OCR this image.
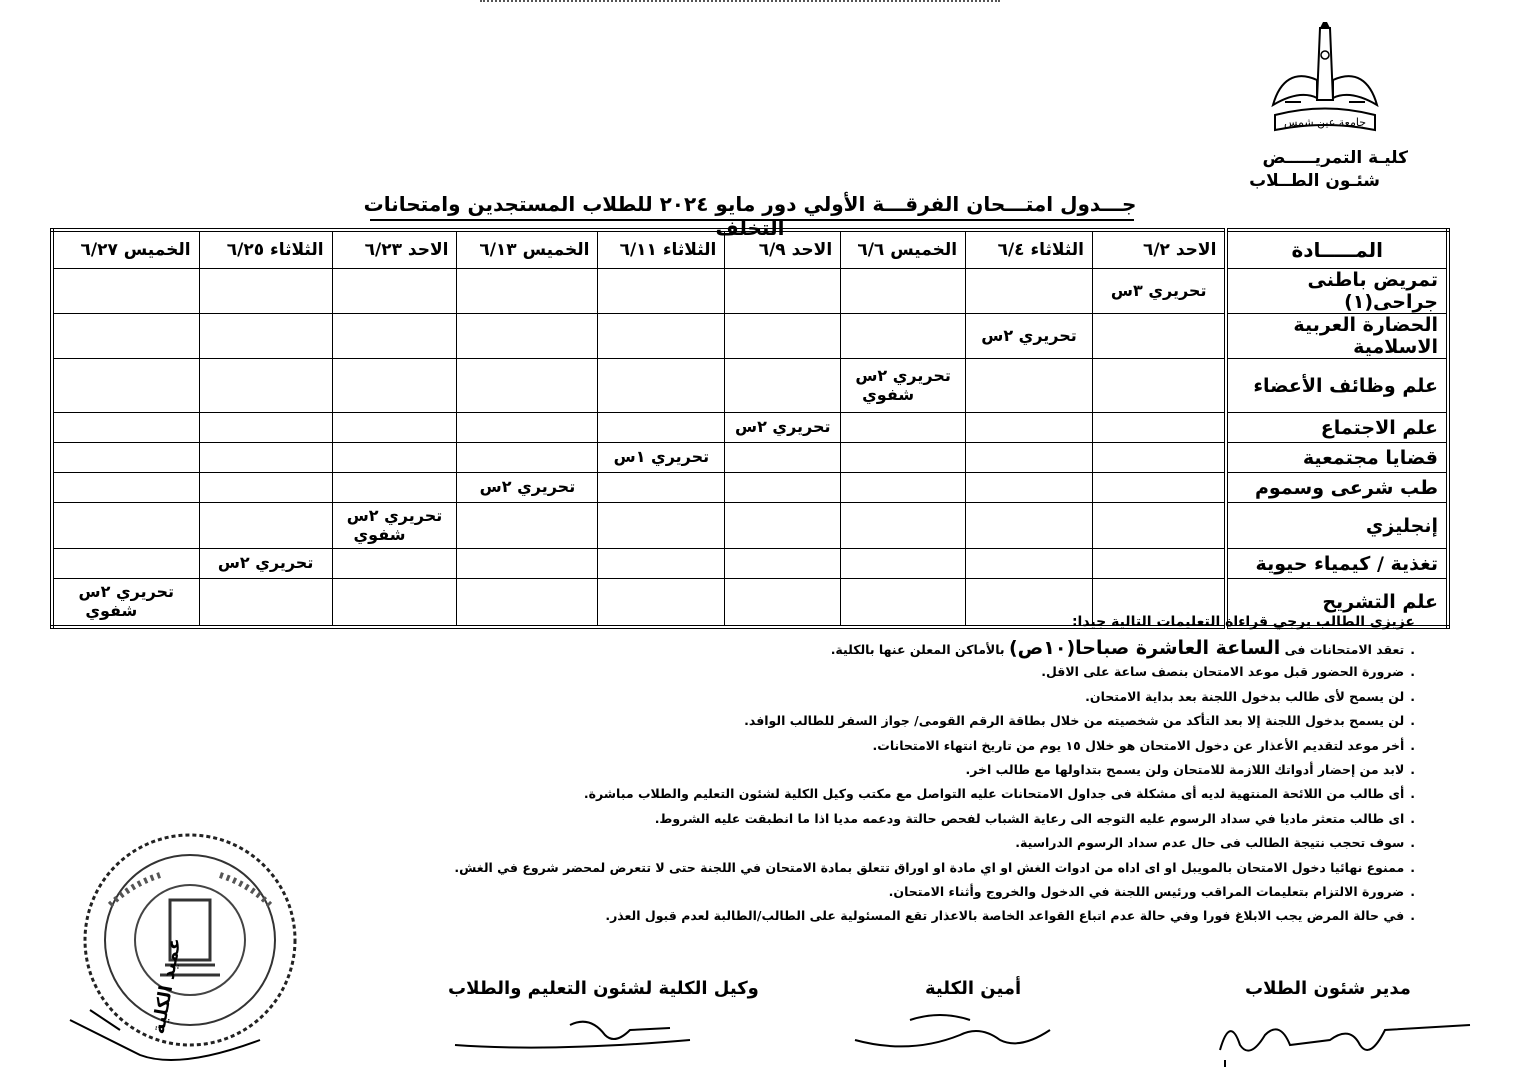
جامعة عين شمس
كليـة التمريـــــض
شئـون الطــلاب
جـــدول امتـــحان الفرقـــة الأولي دور مايو ٢٠٢٤ للطلاب المستجدين وامتحانات التخلف
المـــــادة	الاحد ٦/٢	الثلاثاء ٦/٤	الخميس ٦/٦	الاحد ٦/٩	الثلاثاء ٦/١١	الخميس ٦/١٣	الاحد ٦/٢٣	الثلاثاء ٦/٢٥	الخميس ٦/٢٧
تمريض باطنى جراحى(١)	تحريري ٣س								

الحضارة العربية الاسلامية		تحريري ٢س							

علم وظائف الأعضاء			تحريري ٢س
شفوي						

علم الاجتماع				تحريري ٢س					

قضايا مجتمعية					تحريري ١س				

طب شرعى وسموم						تحريري ٢س			

إنجليزي							تحريري ٢س
شفوي		

تغذية / كيمياء حيوية								تحريري ٢س	

علم التشريح									تحريري ٢س
شفوي
عزيزى الطالب يرجي قراءاة التعليمات التالية جيدا:
.تعقد الامتحانات فى الساعة العاشرة صباحا(١٠ص) بالأماكن المعلن عنها بالكلية.
.ضرورة الحضور قبل موعد الامتحان بنصف ساعة على الاقل.
.لن يسمح لأى طالب بدخول اللجنة بعد بداية الامتحان.
.لن يسمح بدخول اللجنة إلا بعد التأكد من شخصيته من خلال بطاقة الرقم القومى/ جواز السفر للطالب الوافد.
.أخر موعد لتقديم الأعذار عن دخول الامتحان هو خلال ١٥ يوم من تاريخ انتهاء الامتحانات.
.لابد من إحضار أدواتك اللازمة للامتحان ولن يسمح بتداولها مع طالب اخر.
.أى طالب من اللائحة المنتهية لديه أى مشكلة فى جداول الامتحانات عليه التواصل مع مكتب وكيل الكلية لشئون التعليم والطلاب مباشرة.
.اى طالب متعثر ماديا في سداد الرسوم عليه التوجه الى رعاية الشباب لفحص حالتة ودعمه مديا اذا ما انطبقت عليه الشروط.
.سوف تحجب نتيجة الطالب فى حال عدم سداد الرسوم الدراسية.
.ممنوع نهائيا دخول الامتحان بالمويبل او اى اداه من ادوات الغش او اي مادة او اوراق تتعلق بمادة الامتحان في اللجنة حتى لا تتعرض لمحضر شروع في الغش.
.ضرورة الالتزام بتعليمات المراقب ورئيس اللجنة في الدخول والخروج وأثناء الامتحان.
.في حالة المرض يجب الابلاغ فورا وفي حالة عدم اتباع القواعد الخاصة بالاعذار تقع المسئولية على الطالب/الطالبة لعدم قبول العذر.
مدير شئون الطلاب
أمين الكلية
وكيل الكلية لشئون التعليم والطلاب
عميد الكلية
